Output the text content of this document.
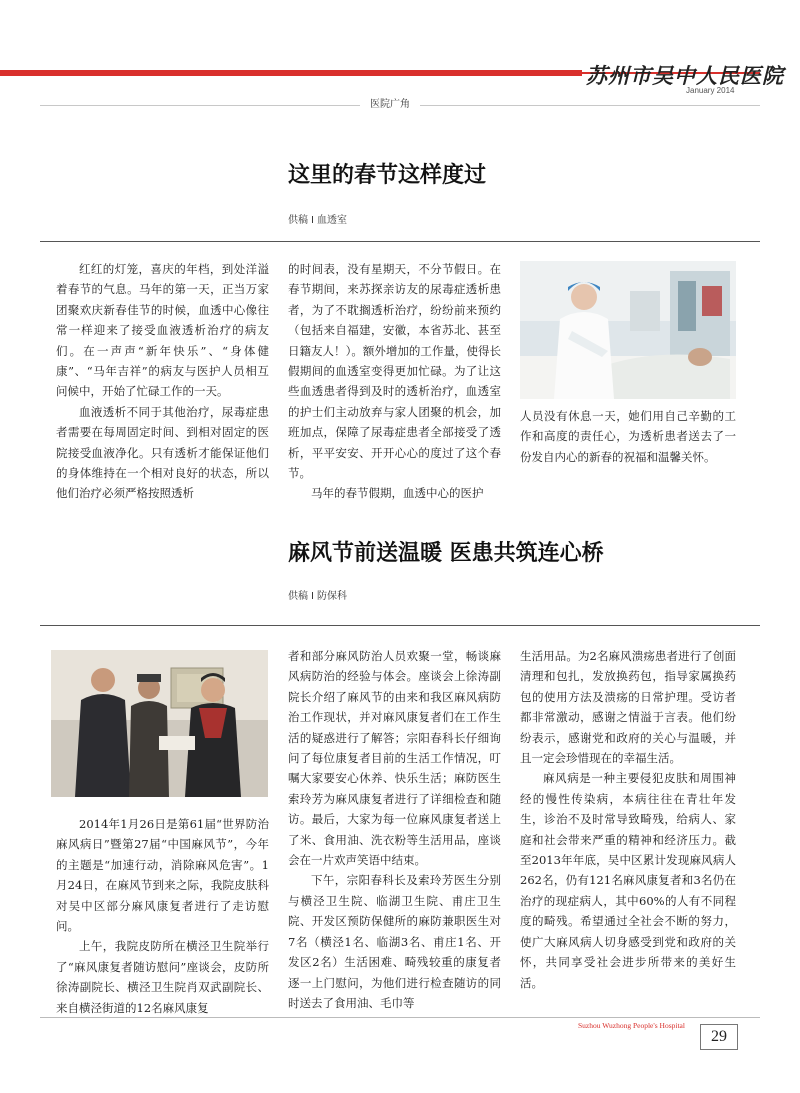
苏州市吴中人民医院
January 2014
医院广角
这里的春节这样度过
供稿 I 血透室

红红的灯笼，喜庆的年档，到处洋溢着春节的气息。马年的第一天，正当万家团聚欢庆新春佳节的时候，血透中心像往常一样迎来了接受血液透析治疗的病友们。在一声声“新年快乐”、“身体健康”、“马年吉祥”的病友与医护人员相互问候中，开始了忙碌工作的一天。

血液透析不同于其他治疗，尿毒症患者需要在每周固定时间、到相对固定的医院接受血液净化。只有透析才能保证他们的身体维持在一个相对良好的状态，所以他们治疗必须严格按照透析

的时间表，没有星期天，不分节假日。在春节期间，来苏探亲访友的尿毒症透析患者，为了不耽搁透析治疗，纷纷前来预约（包括来自福建，安徽，本省苏北、甚至日籍友人！）。额外增加的工作量，使得长假期间的血透室变得更加忙碌。为了让这些血透患者得到及时的透析治疗，血透室的护士们主动放弃与家人团聚的机会，加班加点，保障了尿毒症患者全部接受了透析，平平安安、开开心心的度过了这个春节。

马年的春节假期，血透中心的医护

人员没有休息一天，她们用自己辛勤的工作和高度的责任心，为透析患者送去了一份发自内心的新春的祝福和温馨关怀。

麻风节前送温暖 医患共筑连心桥
供稿 I 防保科

2014年1月26日是第61届“世界防治麻风病日”暨第27届“中国麻风节”，今年的主题是“加速行动，消除麻风危害”。1月24日，在麻风节到来之际，我院皮肤科对吴中区部分麻风康复者进行了走访慰问。

上午，我院皮防所在横泾卫生院举行了“麻风康复者随访慰问”座谈会，皮防所徐涛副院长、横泾卫生院肖双武副院长、来自横泾街道的12名麻风康复

者和部分麻风防治人员欢聚一堂，畅谈麻风病防治的经验与体会。座谈会上徐涛副院长介绍了麻风节的由来和我区麻风病防治工作现状，并对麻风康复者们在工作生活的疑惑进行了解答；宗阳春科长仔细询问了每位康复者目前的生活工作情况，叮嘱大家要安心休养、快乐生活；麻防医生索玲芳为麻风康复者进行了详细检查和随访。最后，大家为每一位麻风康复者送上了米、食用油、洗衣粉等生活用品，座谈会在一片欢声笑语中结束。

下午，宗阳春科长及索玲芳医生分别与横泾卫生院、临湖卫生院、甫庄卫生院、开发区预防保健所的麻防兼职医生对7名（横泾1名、临湖3名、甫庄1名、开发区2名）生活困难、畸残较重的康复者逐一上门慰问，为他们进行检查随访的同时送去了食用油、毛巾等

生活用品。为2名麻风溃疡患者进行了创面清理和包扎，发放换药包，指导家属换药包的使用方法及溃疡的日常护理。受访者都非常激动，感谢之情溢于言表。他们纷纷表示，感谢党和政府的关心与温暖，并且一定会珍惜现在的幸福生活。

麻风病是一种主要侵犯皮肤和周围神经的慢性传染病，本病往往在青壮年发生，诊治不及时常导致畸残，给病人、家庭和社会带来严重的精神和经济压力。截至2013年年底，吴中区累计发现麻风病人262名，仍有121名麻风康复者和3名仍在治疗的现症病人，其中60%的人有不同程度的畸残。希望通过全社会不断的努力，使广大麻风病人切身感受到党和政府的关怀，共同享受社会进步所带来的美好生活。

Suzhou Wuzhong People's Hospital
29
